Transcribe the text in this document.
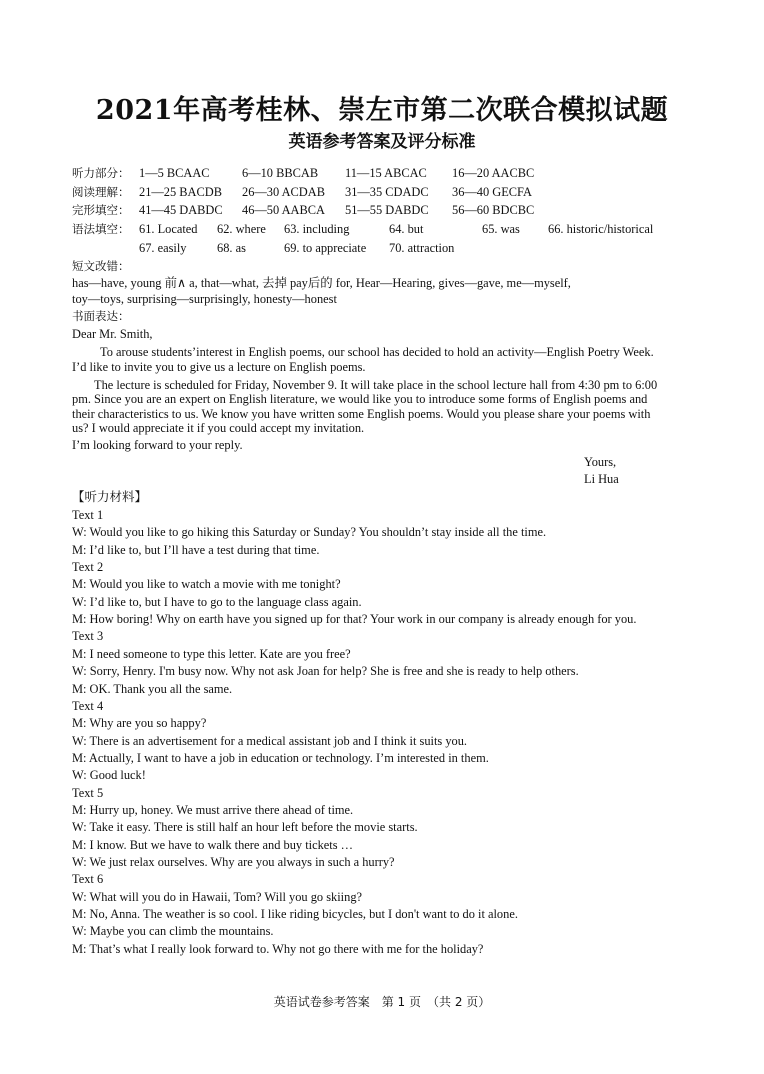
2021年高考桂林、崇左市第二次联合模拟试题
英语参考答案及评分标准
听力部分： 1—5 BCAAC	6—10 BBCAB 11—15 ABCAC 16—20 AACBC
阅读理解： 21—25 BACDB 26—30 ACDAB 31—35 CDADC 36—40 GECFA
完形填空： 41—45 DABDC 46—50 AABCA 51—55 DABDC 56—60 BDCBC
语法填空： 61. Located 62. where 63. including	64. but	65. was 66. historic/historical
67. easily 68. as	69. to appreciate 70. attraction
短文改错：
has—have, young 前∧ a, that—what, 去掉 pay后的 for, Hear—Hearing, gives—gave, me—myself,
toy—toys, surprising—surprisingly, honesty—honest
书面表达：
Dear Mr. Smith,
To arouse students’interest in English poems, our school has decided to hold an activity—English Poetry Week.
I’d like to invite you to give us a lecture on English poems.
The lecture is scheduled for Friday, November 9. It will take place in the school lecture hall from 4:30 pm to 6:00
pm. Since you are an expert on English literature, we would like you to introduce some forms of English poems and
their characteristics to us. We know you have written some English poems. Would you please share your poems with
us? I would appreciate it if you could accept my invitation.
I’m looking forward to your reply.
Yours,
Li Hua
【听力材料】
Text 1
W: Would you like to go hiking this Saturday or Sunday? You shouldn’t stay inside all the time.
M: I’d like to, but I’ll have a test during that time.
Text 2
M: Would you like to watch a movie with me tonight?
W: I’d like to, but I have to go to the language class again.
M: How boring! Why on earth have you signed up for that? Your work in our company is already enough for you.
Text 3
M: I need someone to type this letter. Kate are you free?
W: Sorry, Henry. I'm busy now. Why not ask Joan for help? She is free and she is ready to help others.
M: OK. Thank you all the same.
Text 4
M: Why are you so happy?
W: There is an advertisement for a medical assistant job and I think it suits you.
M: Actually, I want to have a job in education or technology. I’m interested in them.
W: Good luck!
Text 5
M: Hurry up, honey. We must arrive there ahead of time.
W: Take it easy. There is still half an hour left before the movie starts.
M: I know. But we have to walk there and buy tickets …
W: We just relax ourselves. Why are you always in such a hurry?
Text 6
W: What will you do in Hawaii, Tom? Will you go skiing?
M: No, Anna. The weather is so cool. I like riding bicycles, but I don't want to do it alone.
W: Maybe you can climb the mountains.
M: That’s what I really look forward to. Why not go there with me for the holiday?
英语试卷参考答案　第 1 页　（共 2 页）
